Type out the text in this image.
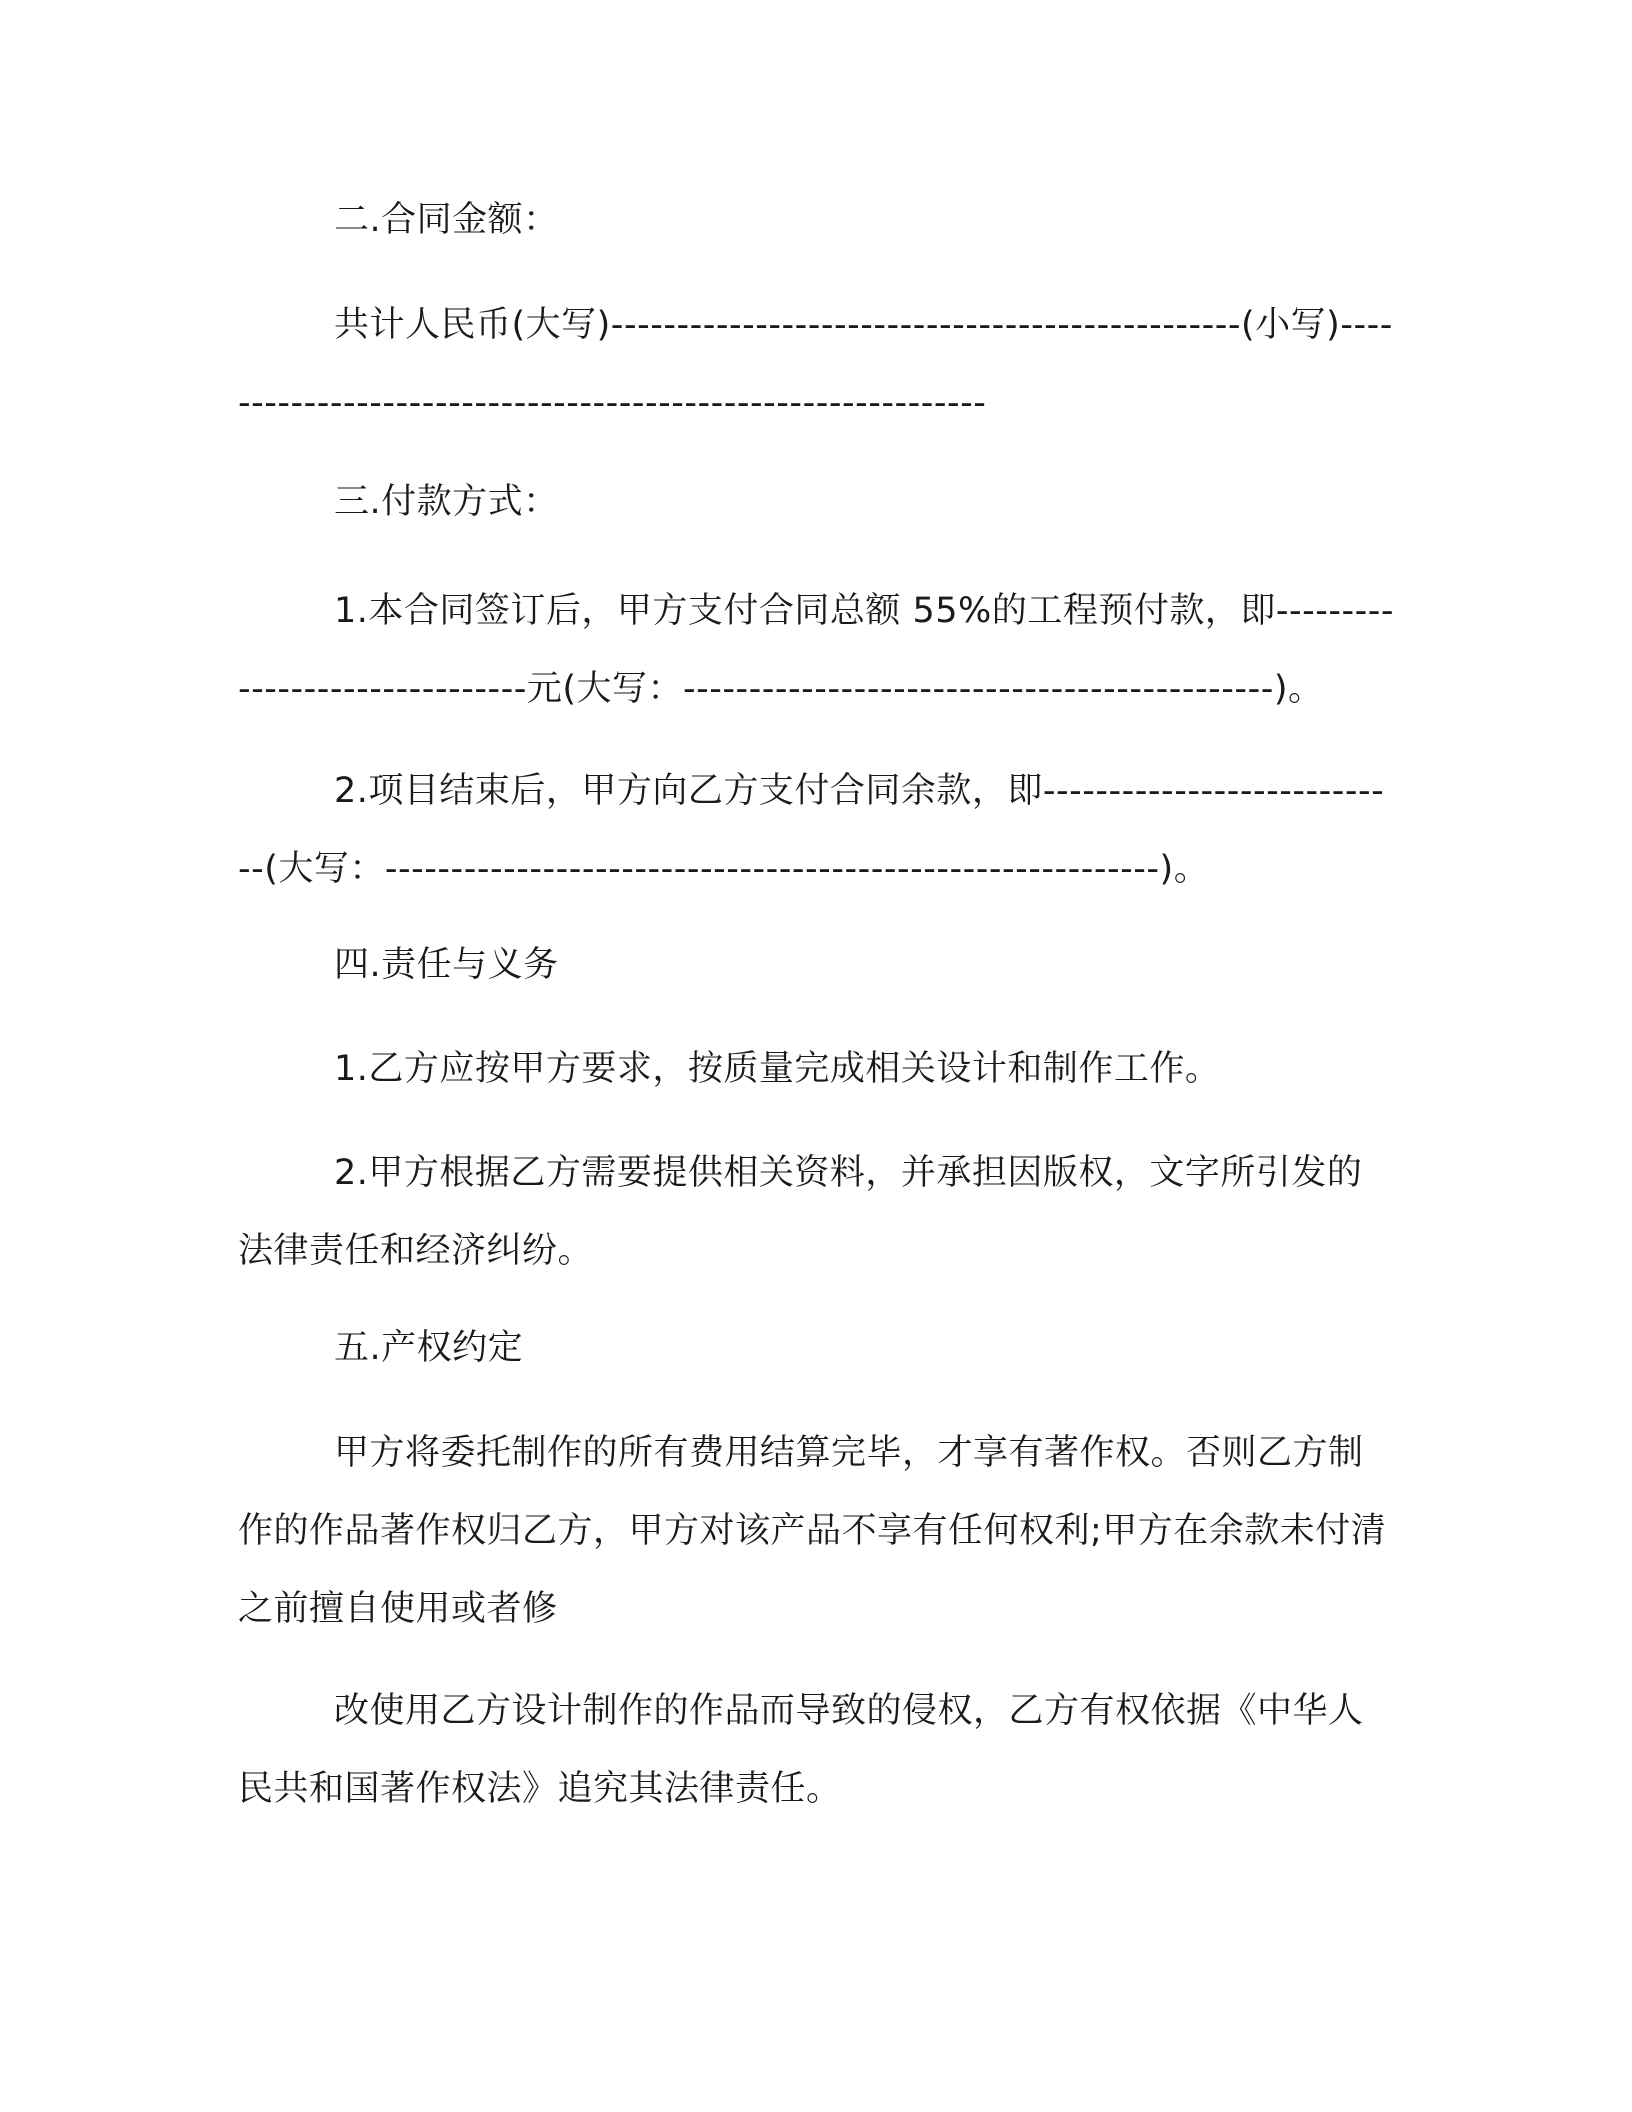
二.合同金额：

共计人民币(大写)------------------------------------------------(小写)-------------------------------------------------------------

三.付款方式：

1.本合同签订后，甲方支付合同总额 55%的工程预付款，即-------------------------------元(大写：---------------------------------------------)。

2.项目结束后，甲方向乙方支付合同余款，即----------------------------(大写：-----------------------------------------------------------)。

四.责任与义务

1.乙方应按甲方要求，按质量完成相关设计和制作工作。

2.甲方根据乙方需要提供相关资料，并承担因版权，文字所引发的法律责任和经济纠纷。

五.产权约定

甲方将委托制作的所有费用结算完毕，才享有著作权。否则乙方制作的作品著作权归乙方，甲方对该产品不享有任何权利;甲方在余款未付清之前擅自使用或者修

改使用乙方设计制作的作品而导致的侵权，乙方有权依据《中华人民共和国著作权法》追究其法律责任。
